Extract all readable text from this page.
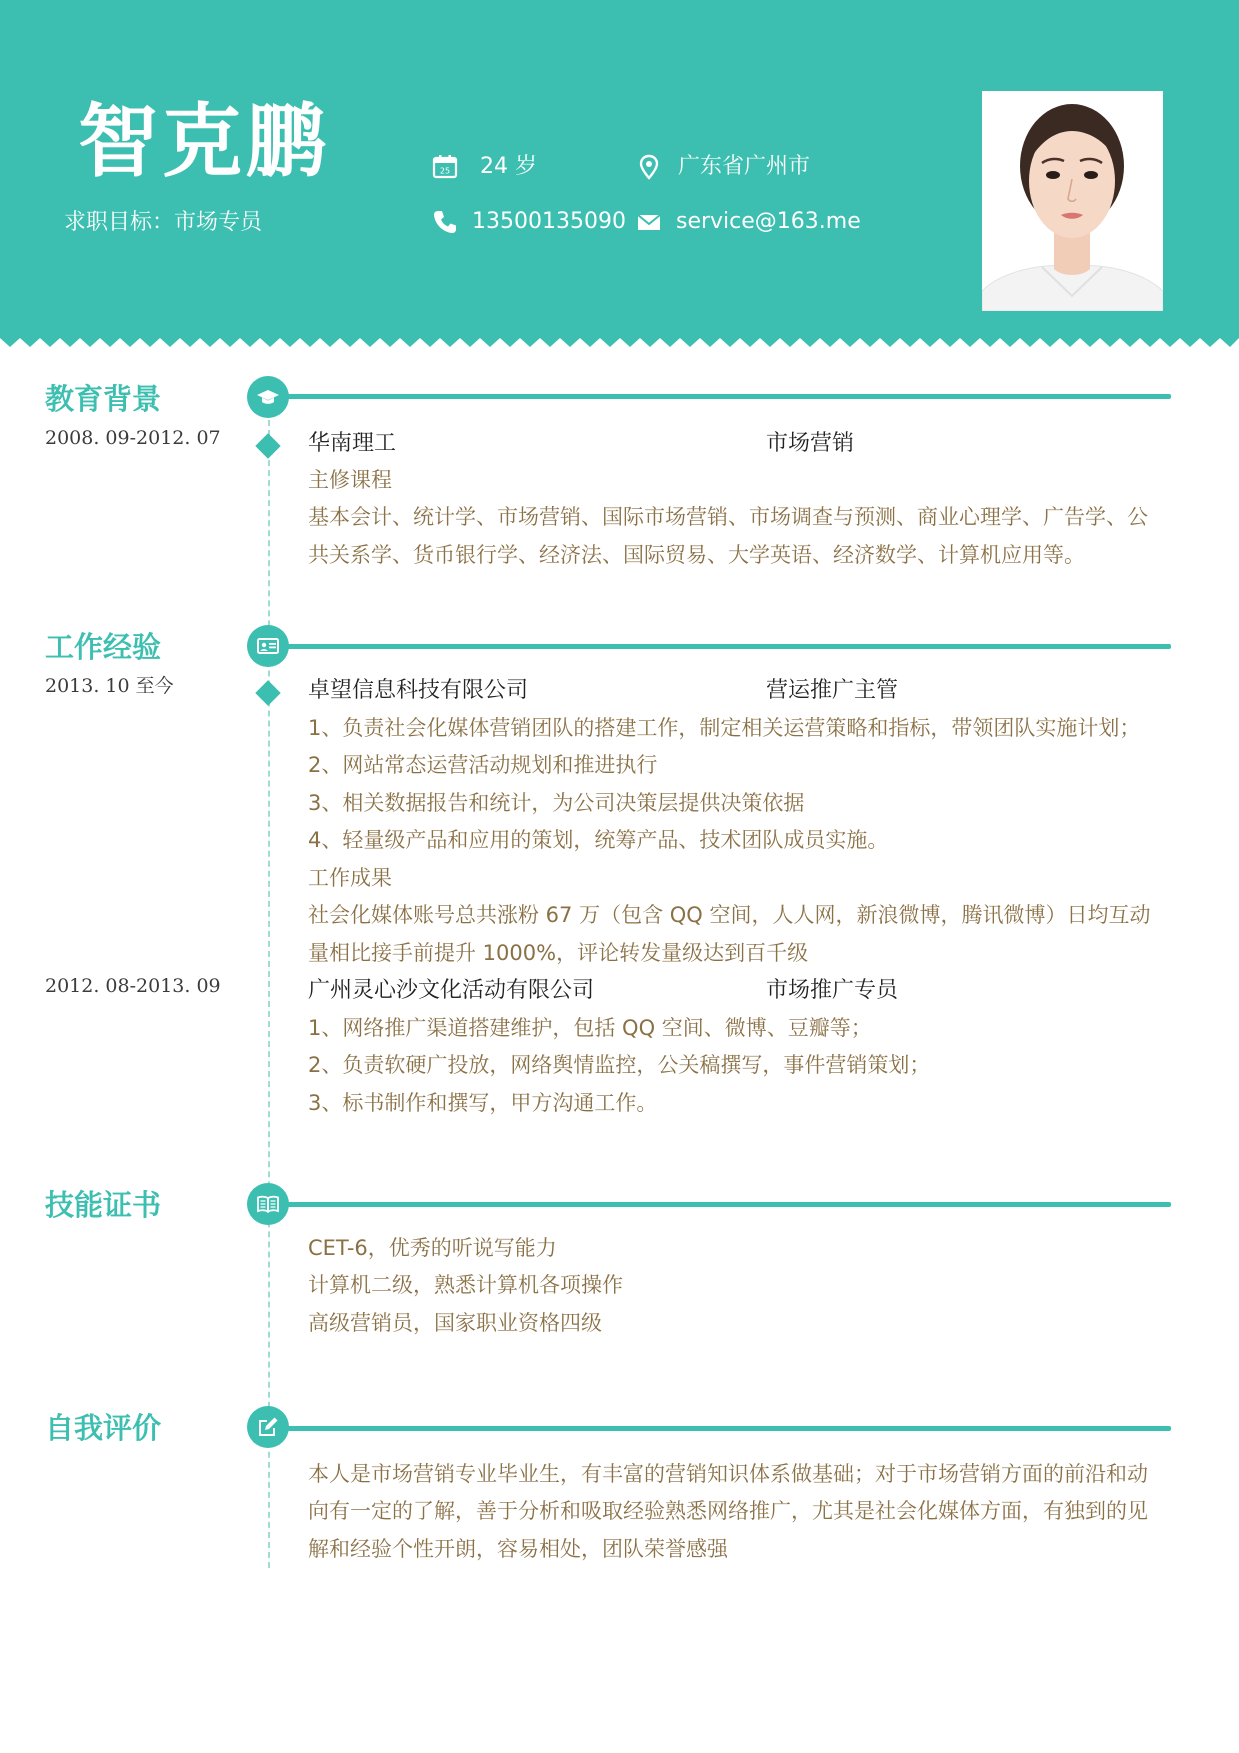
智克鹏
求职目标：市场专员
25 24 岁	广东省广州市
13500135090 service@163.me
教育背景
2008. 09-2012. 07	华南理工	市场营销
主修课程
基本会计、统计学、市场营销、国际市场营销、市场调查与预测、商业心理学、广告学、公
共关系学、货币银行学、经济法、国际贸易、大学英语、经济数学、计算机应用等。
工作经验
2013. 10 至今	卓望信息科技有限公司	营运推广主管
1、负责社会化媒体营销团队的搭建工作，制定相关运营策略和指标，带领团队实施计划；
2、网站常态运营活动规划和推进执行
3、相关数据报告和统计，为公司决策层提供决策依据
4、轻量级产品和应用的策划，统筹产品、技术团队成员实施。
工作成果
社会化媒体账号总共涨粉 67 万（包含 QQ 空间，人人网，新浪微博，腾讯微博）日均互动
量相比接手前提升 1000%，评论转发量级达到百千级
2012. 08-2013. 09	广州灵心沙文化活动有限公司	市场推广专员
1、网络推广渠道搭建维护，包括 QQ 空间、微博、豆瓣等；
2、负责软硬广投放，网络舆情监控，公关稿撰写，事件营销策划；
3、标书制作和撰写，甲方沟通工作。
技能证书
CET-6，优秀的听说写能力
计算机二级，熟悉计算机各项操作
高级营销员，国家职业资格四级
自我评价
本人是市场营销专业毕业生，有丰富的营销知识体系做基础；对于市场营销方面的前沿和动
向有一定的了解，善于分析和吸取经验熟悉网络推广，尤其是社会化媒体方面，有独到的见
解和经验个性开朗，容易相处，团队荣誉感强
